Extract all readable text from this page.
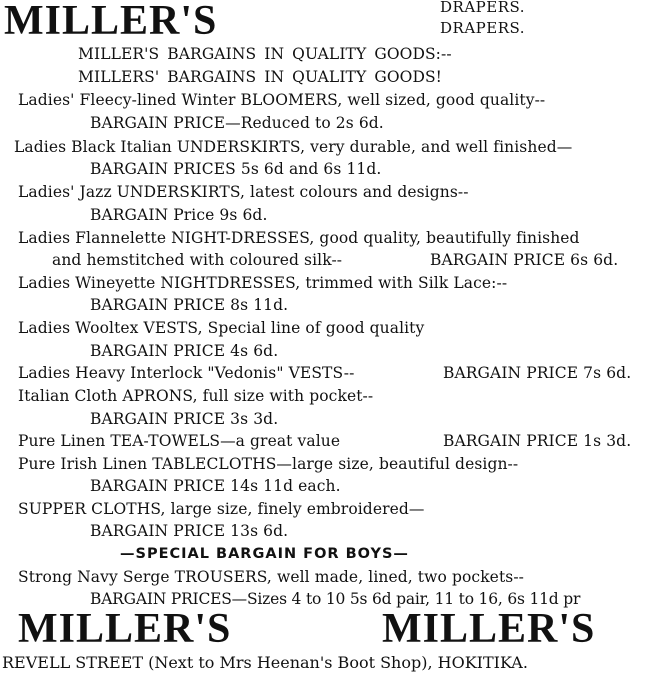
MILLER'S	DRAPERS.
DRAPERS.
MILLER'S BARGAINS IN QUALITY GOODS:--
MILLERS' BARGAINS IN QUALITY GOODS!
Ladies' Fleecy-lined Winter BLOOMERS, well sized, good quality--
BARGAIN PRICE—Reduced to 2s 6d.
Ladies Black Italian UNDERSKIRTS, very durable, and well finished—
BARGAIN PRICES 5s 6d and 6s 11d.
Ladies' Jazz UNDERSKIRTS, latest colours and designs--
BARGAIN Price 9s 6d.
Ladies Flannelette NIGHT-DRESSES, good quality, beautifully finished
and hemstitched with coloured silk--	BARGAIN PRICE 6s 6d.
Ladies Wineyette NIGHTDRESSES, trimmed with Silk Lace:--
BARGAIN PRICE 8s 11d.
Ladies Wooltex VESTS, Special line of good quality
BARGAIN PRICE 4s 6d.
Ladies Heavy Interlock "Vedonis" VESTS--	BARGAIN PRICE 7s 6d.
Italian Cloth APRONS, full size with pocket--
BARGAIN PRICE 3s 3d.
Pure Linen TEA-TOWELS—a great value	BARGAIN PRICE 1s 3d.
Pure Irish Linen TABLECLOTHS—large size, beautiful design--
BARGAIN PRICE 14s 11d each.
SUPPER CLOTHS, large size, finely embroidered—
BARGAIN PRICE 13s 6d.
—SPECIAL BARGAIN FOR BOYS—
Strong Navy Serge TROUSERS, well made, lined, two pockets--
BARGAIN PRICES—Sizes 4 to 10 5s 6d pair, 11 to 16, 6s 11d pr
MILLER'S	MILLER'S
REVELL STREET (Next to Mrs Heenan's Boot Shop), HOKITIKA.
